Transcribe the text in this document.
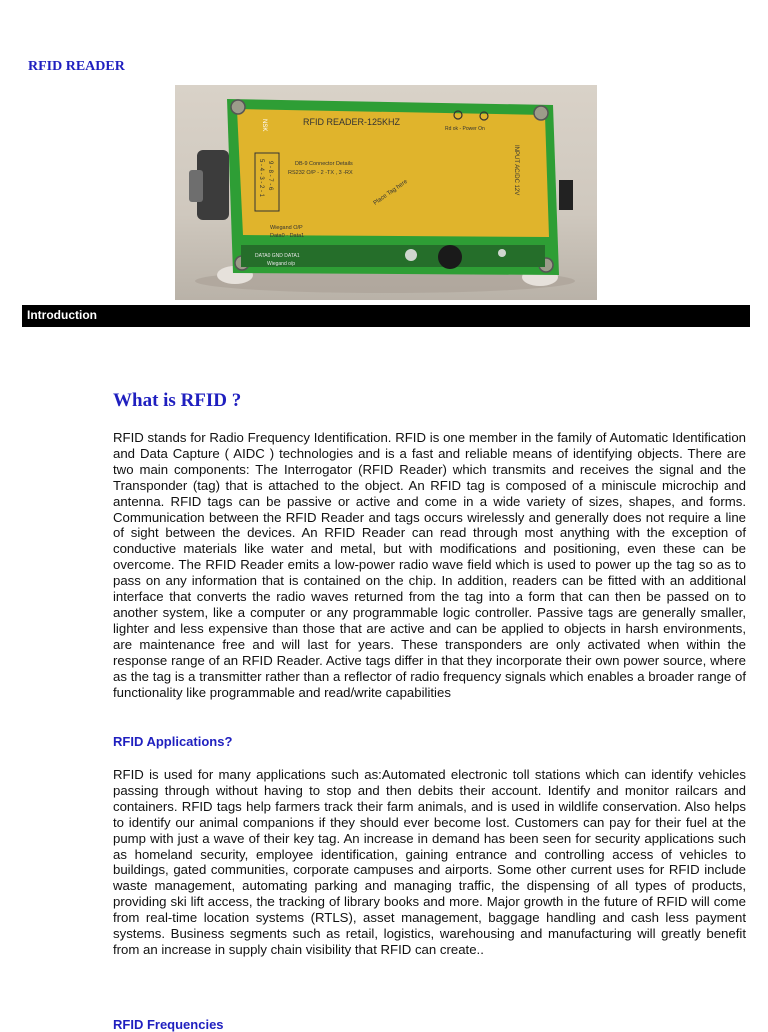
RFID READER
RFID READER-125KHZ
Rd ok - Power On
DB-9 Connector Details
RS232 O/P - 2 -TX , 3 -RX
Place Tag here	INPUT AC/DC 12V
5 - 4 - 3 - 2 - 1 9 - 8 - 7 - 6
Wiegand O/P
Data0 - Data1
DATA0 GND DATA1
Wiegand o/p
NSK
Introduction
What is RFID ?

RFID stands for Radio Frequency Identification. RFID is one member in the family of Automatic Identification and Data Capture ( AIDC ) technologies and is a fast and reliable means of identifying objects. There are two main components: The Interrogator (RFID Reader) which transmits and receives the signal and the Transponder (tag) that is attached to the object. An RFID tag is composed of a miniscule microchip and antenna. RFID tags can be passive or active and come in a wide variety of sizes, shapes, and forms. Communication between the RFID Reader and tags occurs wirelessly and generally does not require a line of sight between the devices. An RFID Reader can read through most anything with the exception of conductive materials like water and metal, but with modifications and positioning, even these can be overcome. The RFID Reader emits a low-power radio wave field which is used to power up the tag so as to pass on any information that is contained on the chip. In addition, readers can be fitted with an additional interface that converts the radio waves returned from the tag into a form that can then be passed on to another system, like a computer or any programmable logic controller. Passive tags are generally smaller, lighter and less expensive than those that are active and can be applied to objects in harsh environments, are maintenance free and will last for years. These transponders are only activated when within the response range of an RFID Reader. Active tags differ in that they incorporate their own power source, where as the tag is a transmitter rather than a reflector of radio frequency signals which enables a broader range of functionality like programmable and read/write capabilities

RFID Applications?

RFID is used for many applications such as:Automated electronic toll stations which can identify vehicles passing through without having to stop and then debits their account. Identify and monitor railcars and containers. RFID tags help farmers track their farm animals, and is used in wildlife conservation. Also helps to identify our animal companions if they should ever become lost. Customers can pay for their fuel at the pump with just a wave of their key tag. An increase in demand has been seen for security applications such as homeland security, employee identification, gaining entrance and controlling access of vehicles to buildings, gated communities, corporate campuses and airports. Some other current uses for RFID include waste management, automating parking and managing traffic, the dispensing of all types of products, providing ski lift access, the tracking of library books and more. Major growth in the future of RFID will come from real-time location systems (RTLS), asset management, baggage handling and cash less payment systems. Business segments such as retail, logistics, warehousing and manufacturing will greatly benefit from an increase in supply chain visibility that RFID can create..

RFID Frequencies
